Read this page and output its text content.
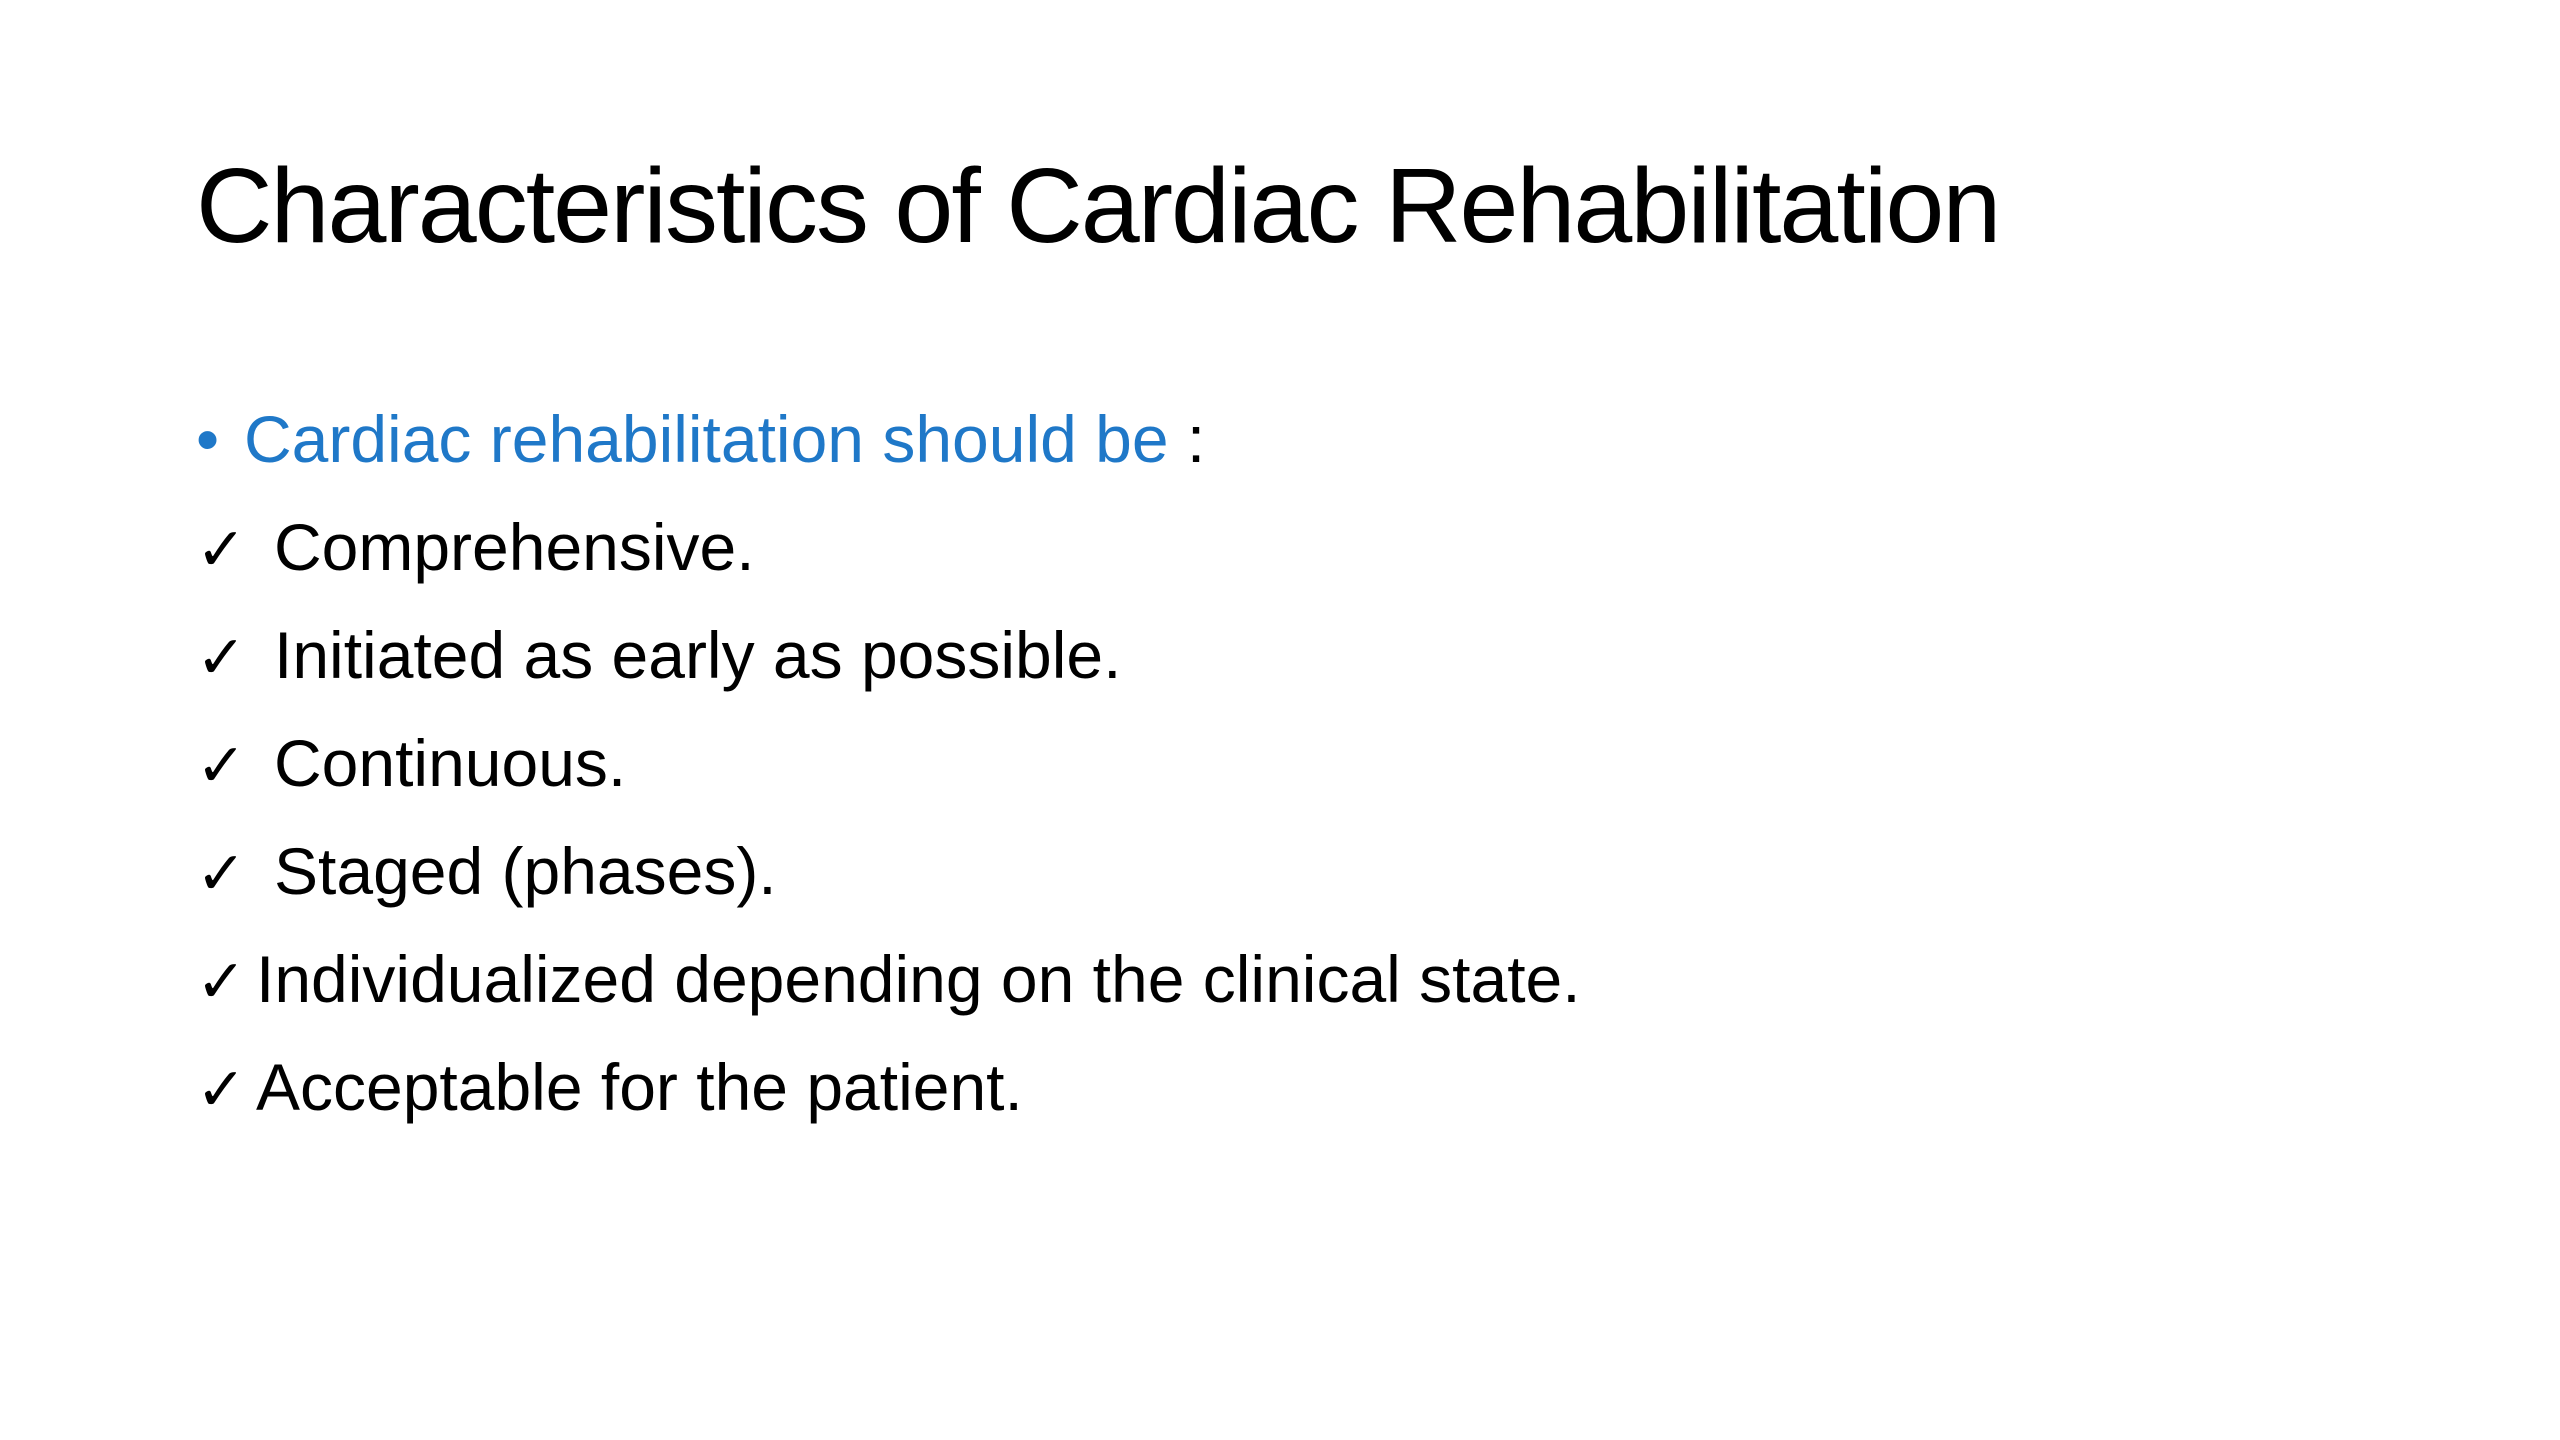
Characteristics of Cardiac Rehabilitation
• Cardiac rehabilitation should be :
✓ Comprehensive.
✓ Initiated as early as possible.
✓ Continuous.
✓ Staged (phases).
✓ Individualized depending on the clinical state.
✓ Acceptable for the patient.
